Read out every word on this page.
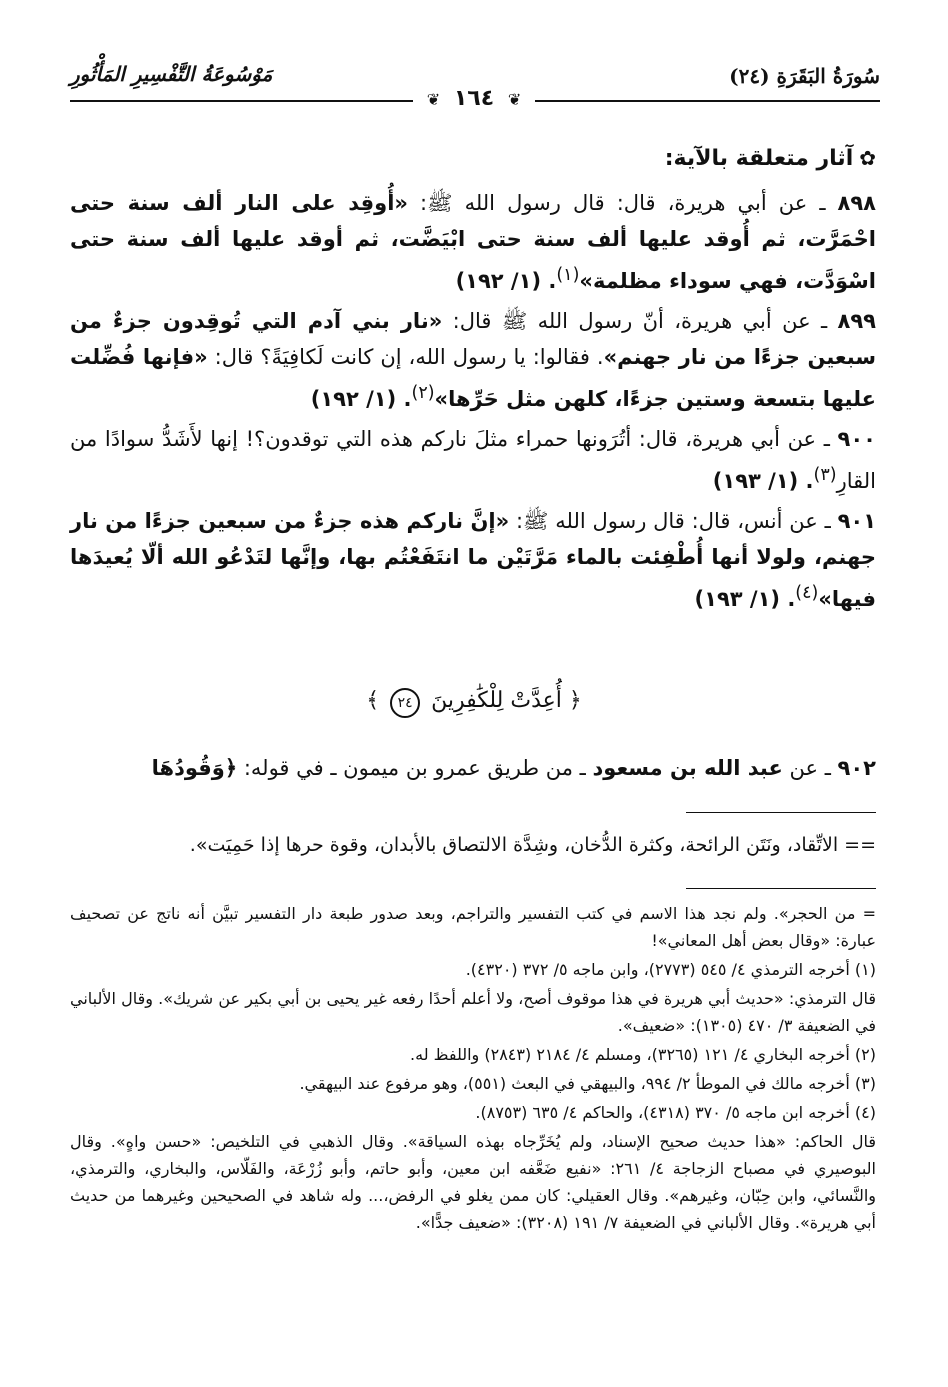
سُورَةُ البَقَرَةِ (٢٤)
مَوْسُوعَةُ التَّفْسِيرِ المَأْثُورِ
❦ ١٦٤ ❦
✿آثار متعلقة بالآية:

٨٩٨ ـ عن أبي هريرة، قال: قال رسول الله ﷺ: «أُوقِد على النار ألف سنة حتى احْمَرَّت، ثم أُوقد عليها ألف سنة حتى ابْيَضَّت، ثم أوقد عليها ألف سنة حتى اسْوَدَّت، فهي سوداء مظلمة»$^{(١)}$. (١/ ١٩٢)

٨٩٩ ـ عن أبي هريرة، أنّ رسول الله ﷺ قال: «نار بني آدم التي تُوقِدون جزءٌ من سبعين جزءًا من نار جهنم». فقالوا: يا رسول الله، إن كانت لَكافِيَةً؟ قال: «فإنها فُضِّلت عليها بتسعة وستين جزءًا، كلهن مثل حَرِّها»$^{(٢)}$. (١/ ١٩٢)

٩٠٠ ـ عن أبي هريرة، قال: أتُرَونها حمراء مثلَ ناركم هذه التي توقدون؟! إنها لأَشَدُّ سوادًا من القارِ$^{(٣)}$. (١/ ١٩٣)

٩٠١ ـ عن أنس، قال: قال رسول الله ﷺ: «إنَّ ناركم هذه جزءٌ من سبعين جزءًا من نار جهنم، ولولا أنها أُطْفِئت بالماء مَرَّتَيْن ما انتَفَعْتُم بها، وإنَّها لتَدْعُو الله ألّا يُعيدَها فيها»$^{(٤)}$. (١/ ١٩٣)

﴿ أُعِدَّتْ لِلْكَٰفِرِينَ ٢٤ ﴾
٩٠٢ ـ عن عبد الله بن مسعود ـ من طريق عمرو بن ميمون ـ في قوله: ﴿وَقُودُهَا
== الاتِّقاد، ونَتَن الرائحة، وكثرة الدُّخان، وشِدَّة الالتصاق بالأبدان، وقوة حرها إذا حَمِيَت».

= من الحجر». ولم نجد هذا الاسم في كتب التفسير والتراجم، وبعد صدور طبعة دار التفسير تبيَّن أنه ناتج عن تصحيف عبارة: «وقال بعض أهل المعاني»!

(١) أخرجه الترمذي ٤/ ٥٤٥ (٢٧٧٣)، وابن ماجه ٥/ ٣٧٢ (٤٣٢٠).

قال الترمذي: «حديث أبي هريرة في هذا موقوف أصح، ولا أعلم أحدًا رفعه غير يحيى بن أبي بكير عن شريك». وقال الألباني في الضعيفة ٣/ ٤٧٠ (١٣٠٥): «ضعيف».

(٢) أخرجه البخاري ٤/ ١٢١ (٣٢٦٥)، ومسلم ٤/ ٢١٨٤ (٢٨٤٣) واللفظ له.

(٣) أخرجه مالك في الموطأ ٢/ ٩٩٤، والبيهقي في البعث (٥٥١)، وهو مرفوع عند البيهقي.

(٤) أخرجه ابن ماجه ٥/ ٣٧٠ (٤٣١٨)، والحاكم ٤/ ٦٣٥ (٨٧٥٣).

قال الحاكم: «هذا حديث صحيح الإسناد، ولم يُخَرِّجاه بهذه السياقة». وقال الذهبي في التلخيص: «حسن واهٍ». وقال البوصيري في مصباح الزجاجة ٤/ ٢٦١: «نفيع ضَعَّفه ابن معين، وأبو حاتم، وأبو زُرْعَة، والفَلّاس، والبخاري، والترمذي، والنَّسائي، وابن حِبّان، وغيرهم». وقال العقيلي: كان ممن يغلو في الرفض،... وله شاهد في الصحيحين وغيرهما من حديث أبي هريرة». وقال الألباني في الضعيفة ٧/ ١٩١ (٣٢٠٨): «ضعيف جدًّا».
